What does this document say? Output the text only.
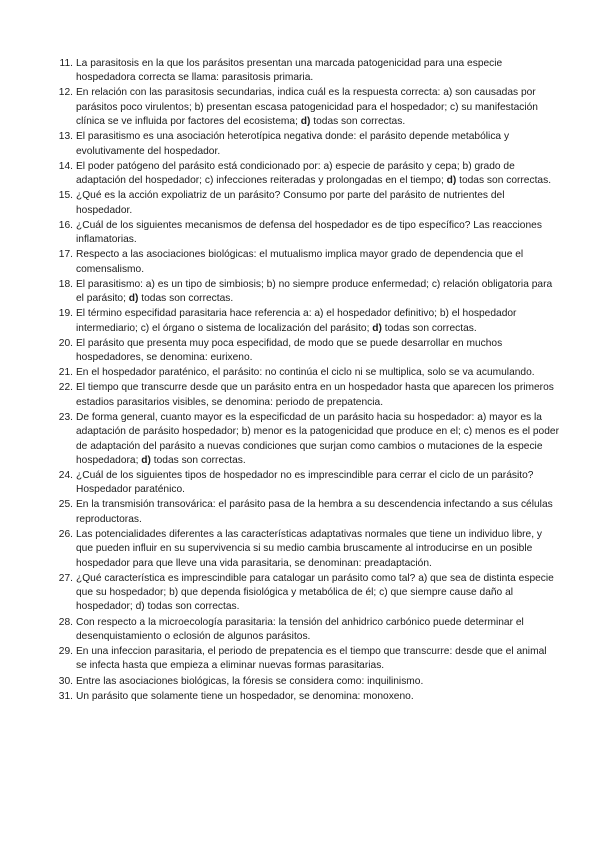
11 . La parasitosis en la que los parásitos presentan una marcada patogenicidad para una especie hospedadora correcta se llama: parasitosis primaria.
12 . En relación con las parasitosis secundarias, indica cuál es la respuesta correcta: a) son causadas por parásitos poco virulentos; b) presentan escasa patogenicidad para el hospedador; c) su manifestación clínica se ve influida por factores del ecosistema; d) todas son correctas.
13 . El parasitismo es una asociación heterotípica negativa donde: el parásito depende metabólica y evolutivamente del hospedador.
14 . El poder patógeno del parásito está condicionado por: a) especie de parásito y cepa; b) grado de adaptación del hospedador; c) infecciones reiteradas y prolongadas en el tiempo; d) todas son correctas.
15 . ¿Qué es la acción expoliatriz de un parásito? Consumo por parte del parásito de nutrientes del hospedador.
16 . ¿Cuál de los siguientes mecanismos de defensa del hospedador es de tipo específico? Las reacciones inflamatorias.
17 . Respecto a las asociaciones biológicas: el mutualismo implica mayor grado de dependencia que el comensalismo.
18 . El parasitismo: a) es un tipo de simbiosis; b) no siempre produce enfermedad; c) relación obligatoria para el parásito; d) todas son correctas.
19 . El término especifidad parasitaria hace referencia a: a) el hospedador definitivo; b) el hospedador intermediario; c) el órgano o sistema de localización del parásito; d) todas son correctas.
20 . El parásito que presenta muy poca especifidad, de modo que se puede desarrollar en muchos hospedadores, se denomina: eurixeno.
21 . En el hospedador paraténico, el parásito: no continúa el ciclo ni se multiplica, solo se va acumulando.
22 . El tiempo que transcurre desde que un parásito entra en un hospedador hasta que aparecen los primeros estadios parasitarios visibles, se denomina: periodo de prepatencia.
23 . De forma general, cuanto mayor es la especificdad de un parásito hacia su hospedador: a) mayor es la adaptación de parásito hospedador; b) menor es la patogenicidad que produce en el; c) menos es el poder de adaptación del parásito a nuevas condiciones que surjan como cambios o mutaciones de la especie hospedadora; d) todas son correctas.
24 . ¿Cuál de los siguientes tipos de hospedador no es imprescindible para cerrar el ciclo de un parásito? Hospedador paraténico.
25 . En la transmisión transovárica: el parásito pasa de la hembra a su descendencia infectando a sus células reproductoras.
26 . Las potencialidades diferentes a las características adaptativas normales que tiene un individuo libre, y que pueden influir en su supervivencia si su medio cambia bruscamente al introducirse en un posible hospedador para que lleve una vida parasitaria, se denominan: preadaptación.
27 . ¿Qué característica es imprescindible para catalogar un parásito como tal? a) que sea de distinta especie que su hospedador; b) que dependa fisiológica y metabólica de él; c) que siempre cause daño al hospedador; d) todas son correctas.
28 . Con respecto a la microecología parasitaria: la tensión del anhidrico carbónico puede determinar el desenquistamiento o eclosión de algunos parásitos.
29 . En una infeccion parasitaria, el periodo de prepatencia es el tiempo que transcurre: desde que el animal se infecta hasta que empieza a eliminar nuevas formas parasitarias.
30 . Entre las asociaciones biológicas, la fóresis se considera como: inquilinismo.
31 . Un parásito que solamente tiene un hospedador, se denomina: monoxeno.
